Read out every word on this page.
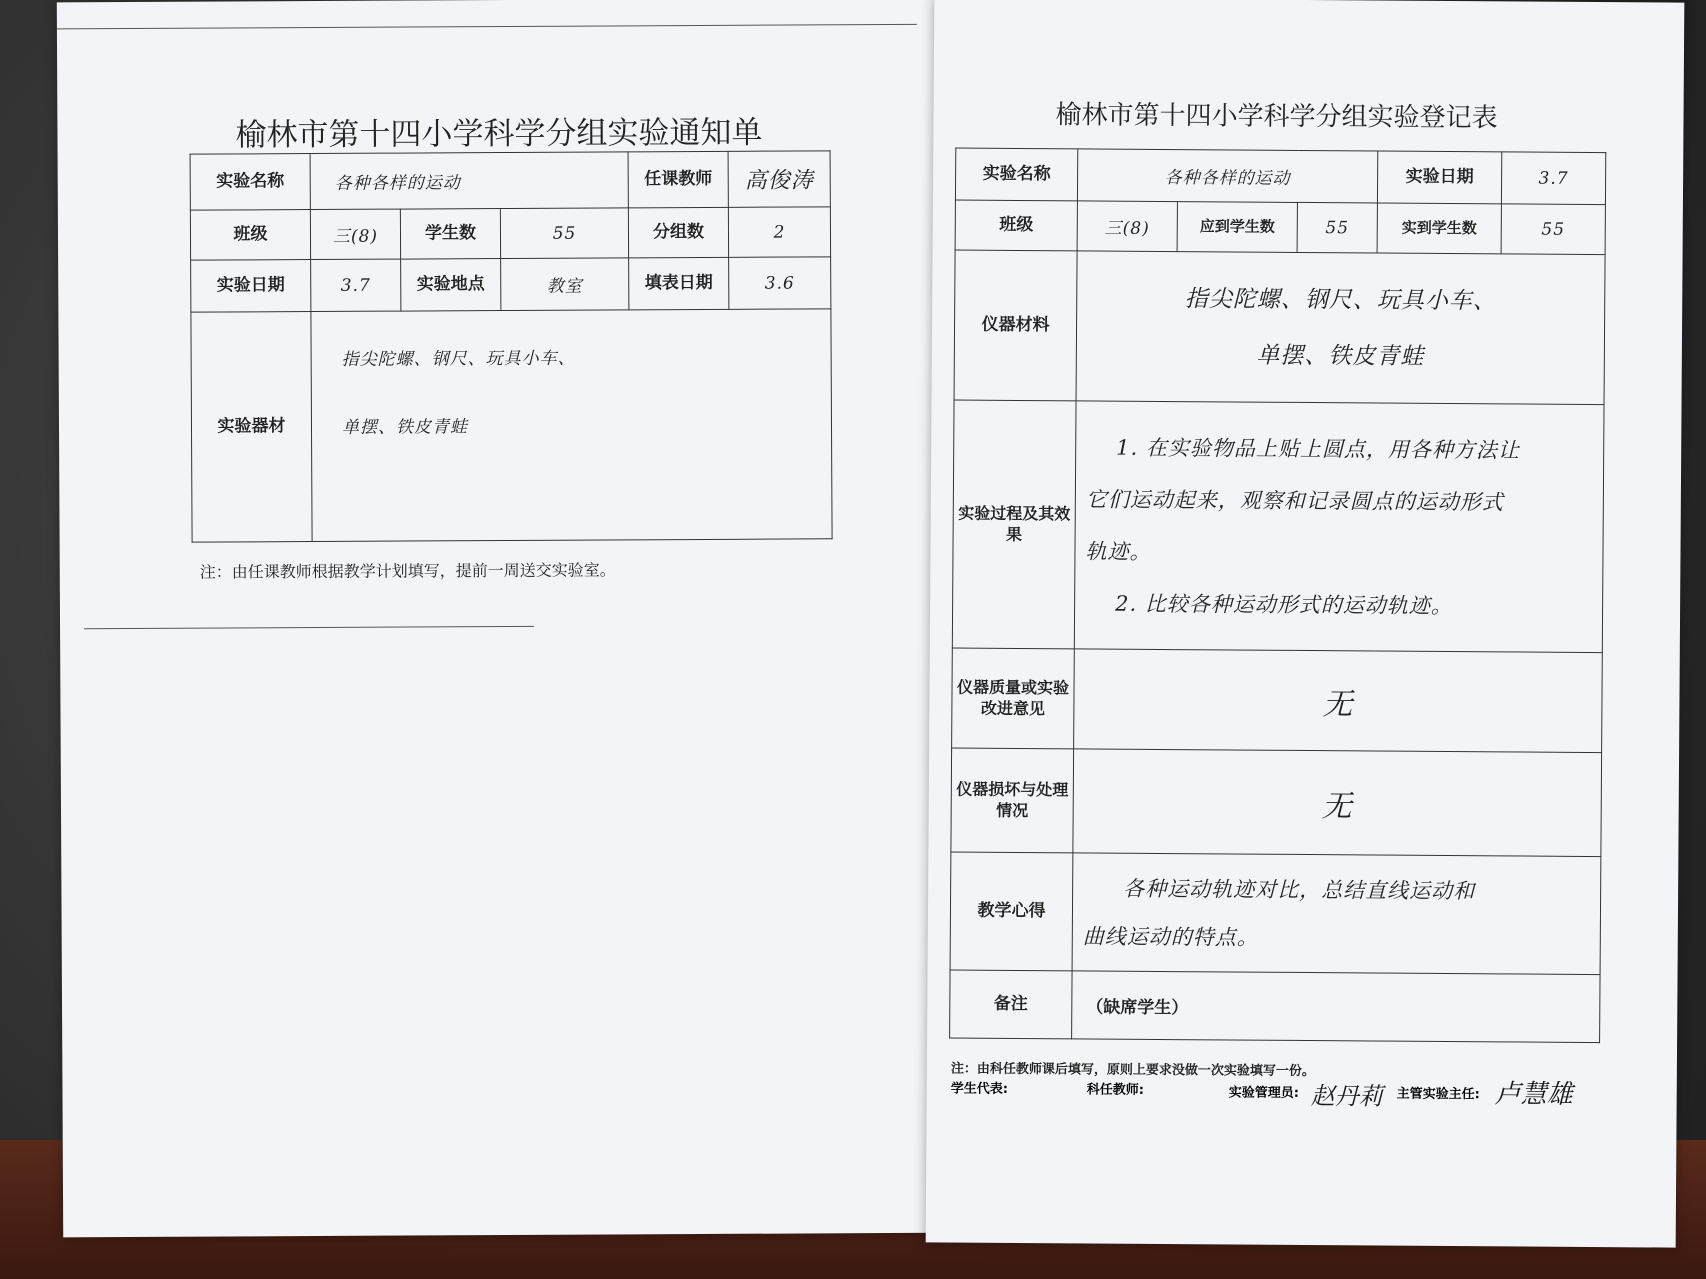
榆林市第十四小学科学分组实验通知单
实验名称	各种各样的运动			任课教师	高俊涛
班级	三(8)	学生数	55	分组数	2
实验日期	3.7	实验地点	教室	填表日期	3.6
实验器材	指尖陀螺、钢尺、玩具小车、
单摆、铁皮青蛙				
注：由任课教师根据教学计划填写，提前一周送交实验室。
榆林市第十四小学科学分组实验登记表
实验名称	各种各样的运动			实验日期	3.7
班级	三(8)	应到学生数	55	实到学生数	55
仪器材料	指尖陀螺、钢尺、玩具小车、
单摆、铁皮青蛙				

实验过程及其效果	1. 在实验物品上贴上圆点，用各种方法让
它们运动起来，观察和记录圆点的运动形式
轨迹。
2. 比较各种运动形式的运动轨迹。				

仪器质量或实验改进意见	无				
仪器损坏与处理情况	无				
教学心得	各种运动轨迹对比，总结直线运动和
曲线运动的特点。				

备注	（缺席学生）				
注：由科任教师课后填写，原则上要求没做一次实验填写一份。
学生代表:	科任教师:	实验管理员: 赵丹莉 主管实验主任: 卢慧雄
